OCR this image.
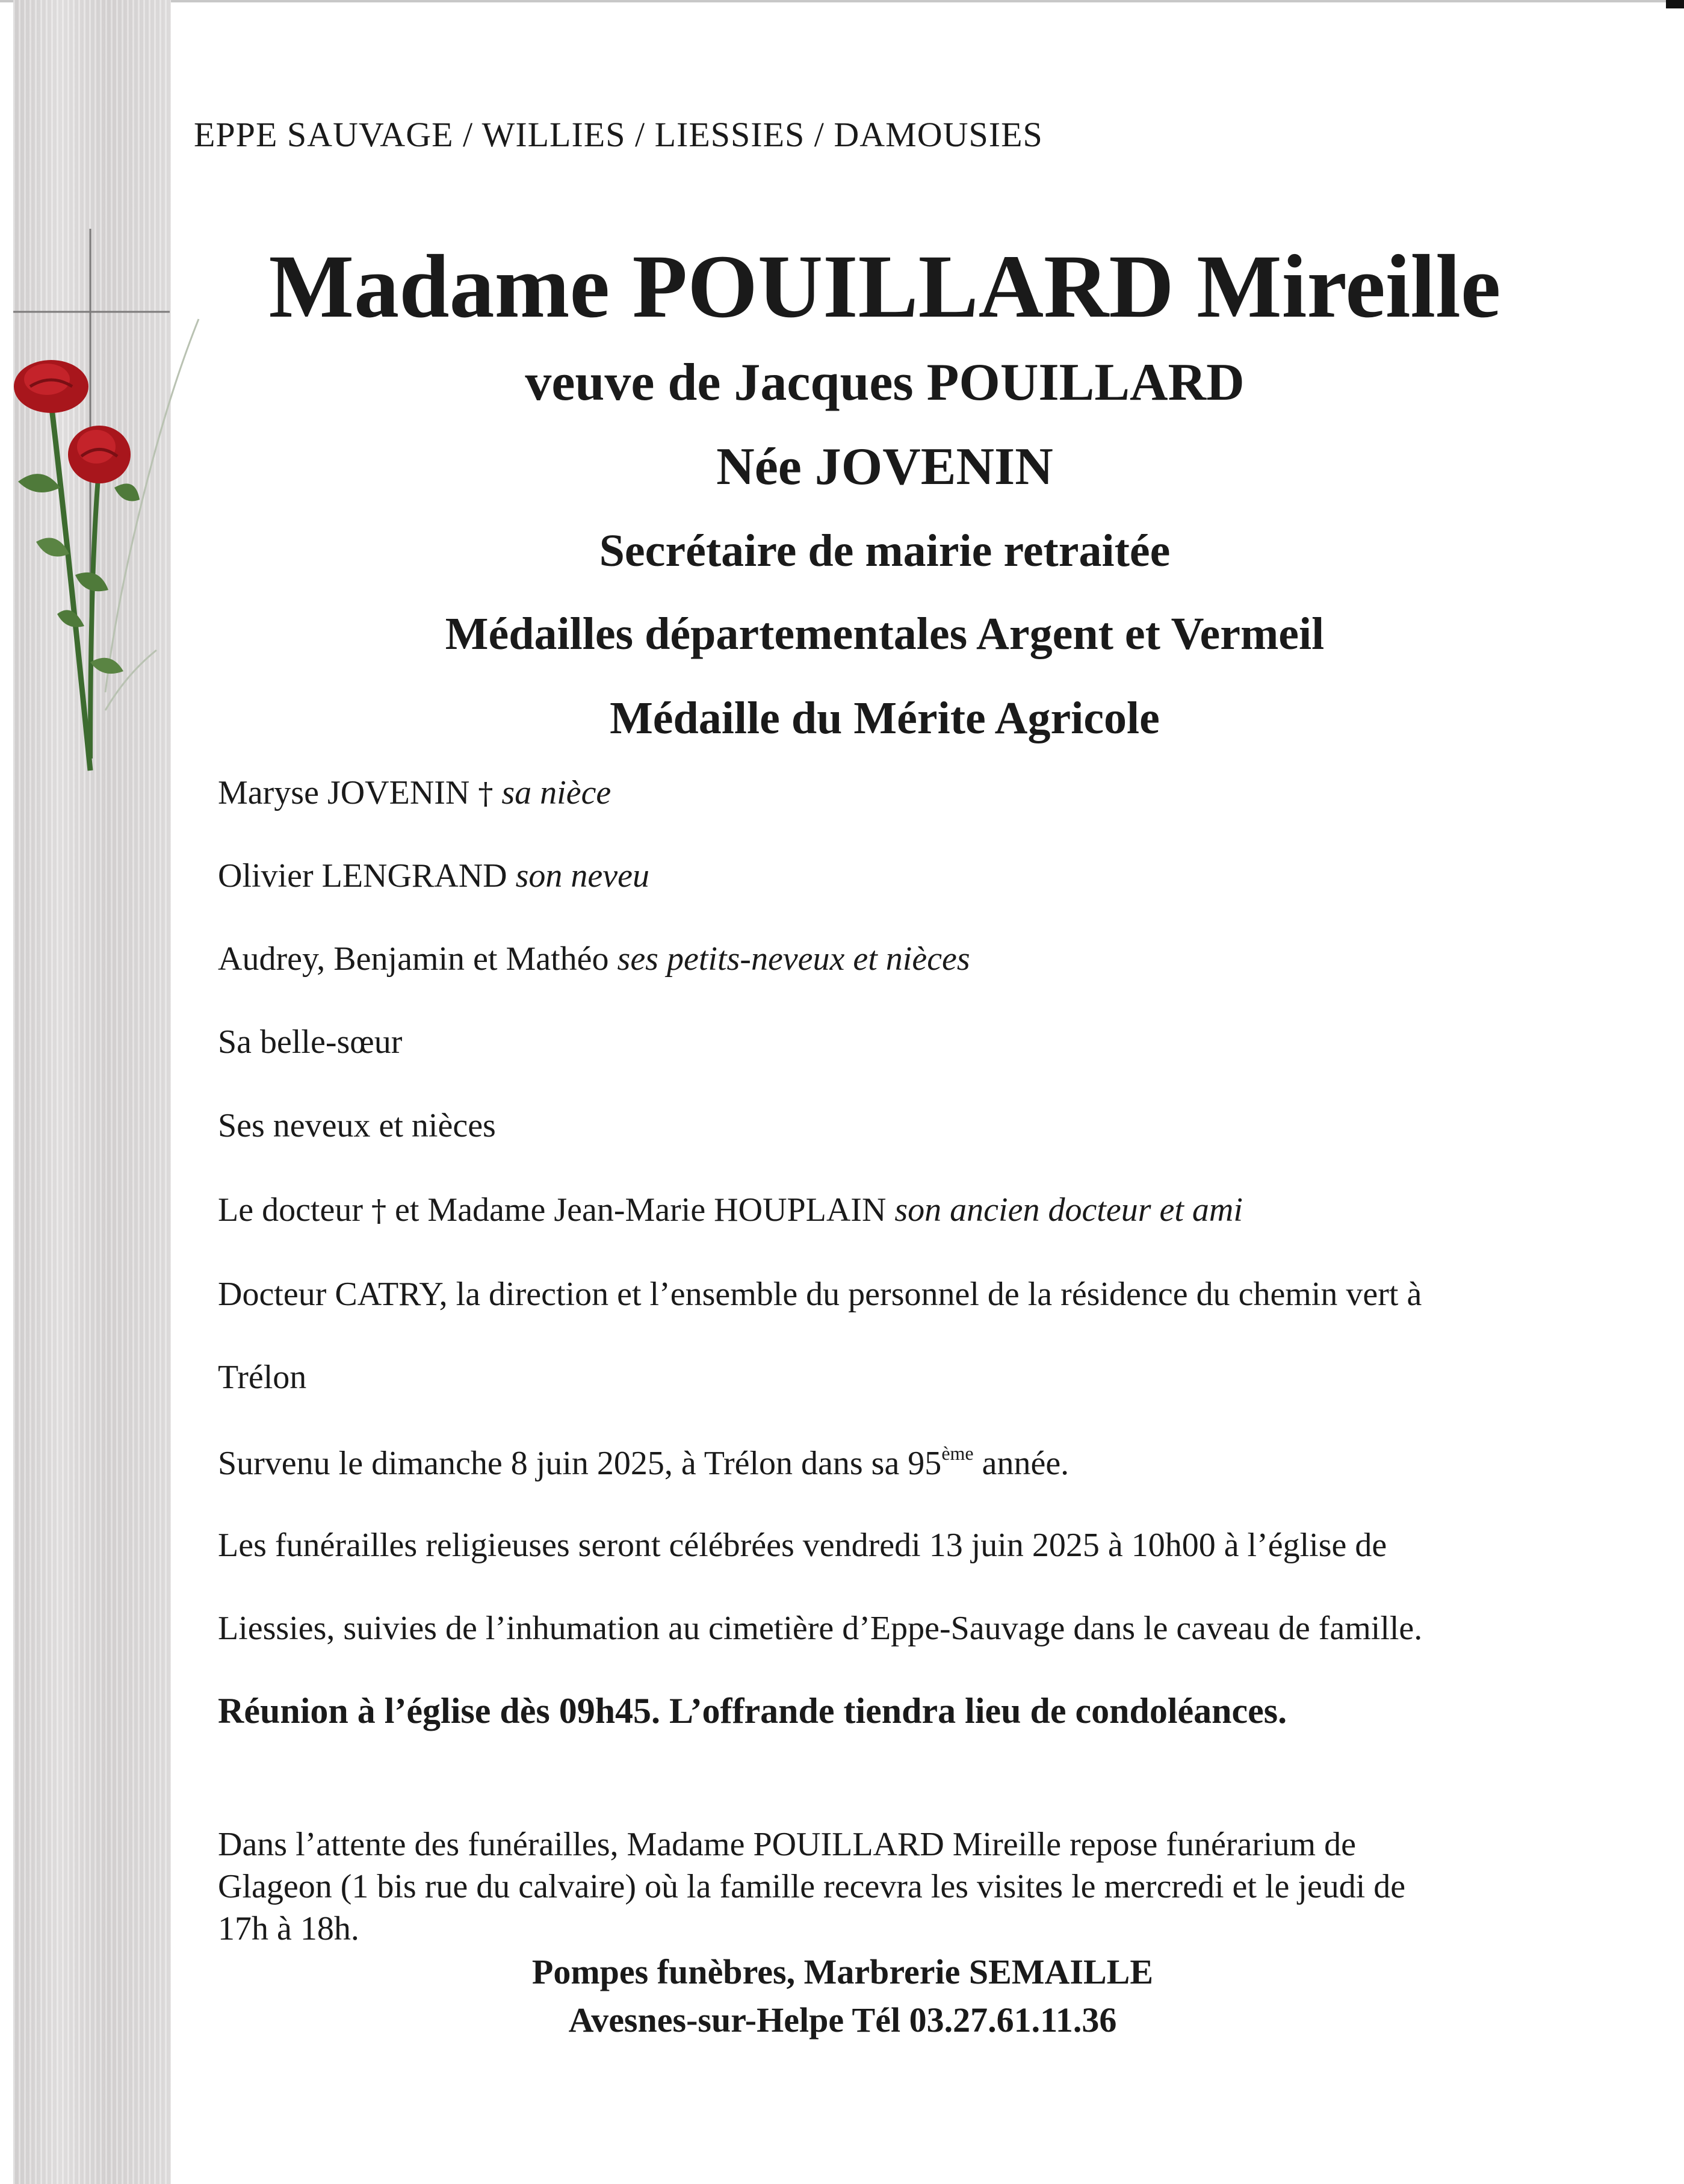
EPPE SAUVAGE / WILLIES / LIESSIES / DAMOUSIES
Madame POUILLARD Mireille
veuve de Jacques POUILLARD
Née JOVENIN
Secrétaire de mairie retraitée
Médailles départementales Argent et Vermeil
Médaille du Mérite Agricole
Maryse JOVENIN † sa nièce
Olivier LENGRAND son neveu
Audrey, Benjamin et Mathéo ses petits-neveux et nièces
Sa belle-sœur
Ses neveux et nièces
Le docteur † et Madame Jean-Marie HOUPLAIN son ancien docteur et ami
Docteur CATRY, la direction et l’ensemble du personnel de la résidence du chemin vert à
Trélon
Survenu le dimanche 8 juin 2025, à Trélon dans sa 95ème année.
Les funérailles religieuses seront célébrées vendredi 13 juin 2025 à 10h00 à l’église de
Liessies, suivies de l’inhumation au cimetière d’Eppe-Sauvage dans le caveau de famille.
Réunion à l’église dès 09h45. L’offrande tiendra lieu de condoléances.
Dans l’attente des funérailles, Madame POUILLARD Mireille repose funérarium de
Glageon (1 bis rue du calvaire) où la famille recevra les visites le mercredi et le jeudi de
17h à 18h.
Pompes funèbres, Marbrerie SEMAILLE
Avesnes-sur-Helpe Tél 03.27.61.11.36
